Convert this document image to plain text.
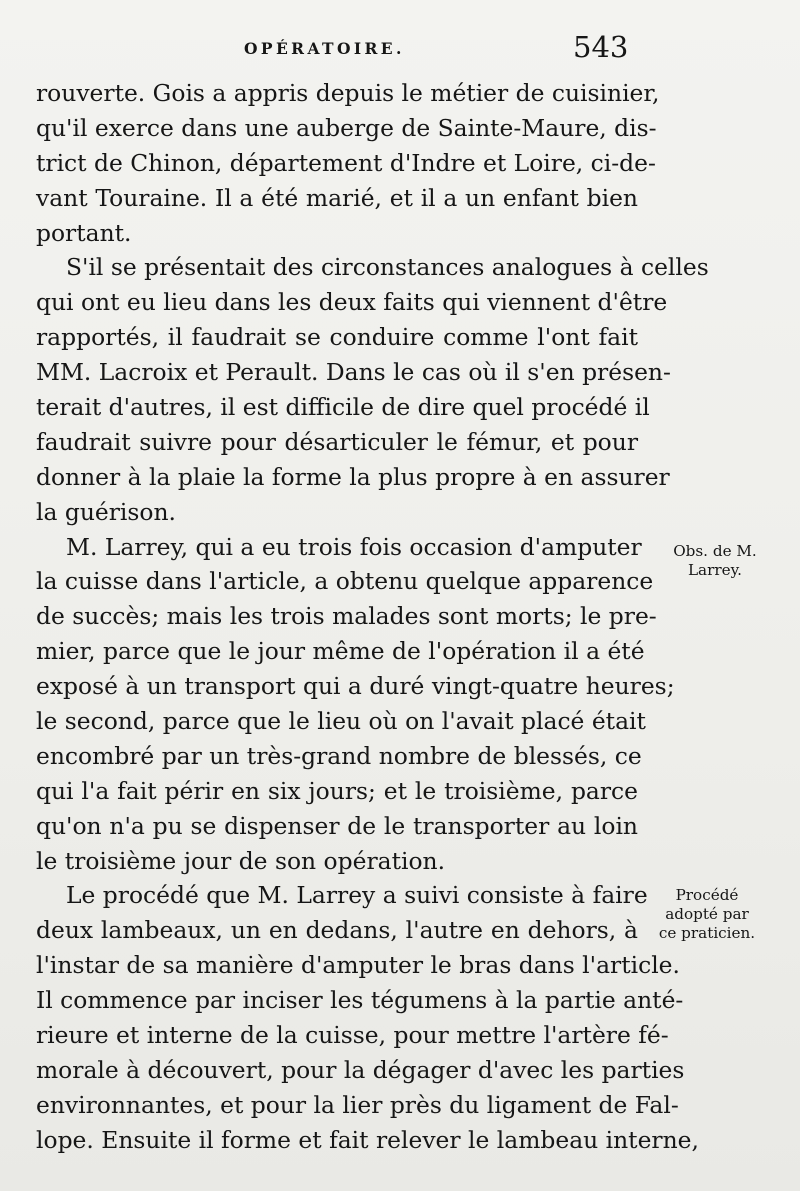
OPÉRATOIRE.	543
rouverte. Gois a appris depuis le métier de cuisinier,
qu'il exerce dans une auberge de Sainte-Maure, dis-
trict de Chinon, département d'Indre et Loire, ci-de-
vant Touraine. Il a été marié, et il a un enfant bien
portant.
S'il se présentait des circonstances analogues à celles
qui ont eu lieu dans les deux faits qui viennent d'être
rapportés, il faudrait se conduire comme l'ont fait
MM. Lacroix et Perault. Dans le cas où il s'en présen-
terait d'autres, il est difficile de dire quel procédé il
faudrait suivre pour désarticuler le fémur, et pour
donner à la plaie la forme la plus propre à en assurer
la guérison.
M. Larrey, qui a eu trois fois occasion d'amputer
la cuisse dans l'article, a obtenu quelque apparence
de succès; mais les trois malades sont morts; le pre-
mier, parce que le jour même de l'opération il a été
exposé à un transport qui a duré vingt-quatre heures;
le second, parce que le lieu où on l'avait placé était
encombré par un très-grand nombre de blessés, ce
qui l'a fait périr en six jours; et le troisième, parce
qu'on n'a pu se dispenser de le transporter au loin
le troisième jour de son opération.
Le procédé que M. Larrey a suivi consiste à faire
deux lambeaux, un en dedans, l'autre en dehors, à
l'instar de sa manière d'amputer le bras dans l'article.
Il commence par inciser les tégumens à la partie anté-
rieure et interne de la cuisse, pour mettre l'artère fé-
morale à découvert, pour la dégager d'avec les parties
environnantes, et pour la lier près du ligament de Fal-
lope. Ensuite il forme et fait relever le lambeau interne,
Obs. de M.
Larrey.
Procédé
adopté par
ce praticien.
